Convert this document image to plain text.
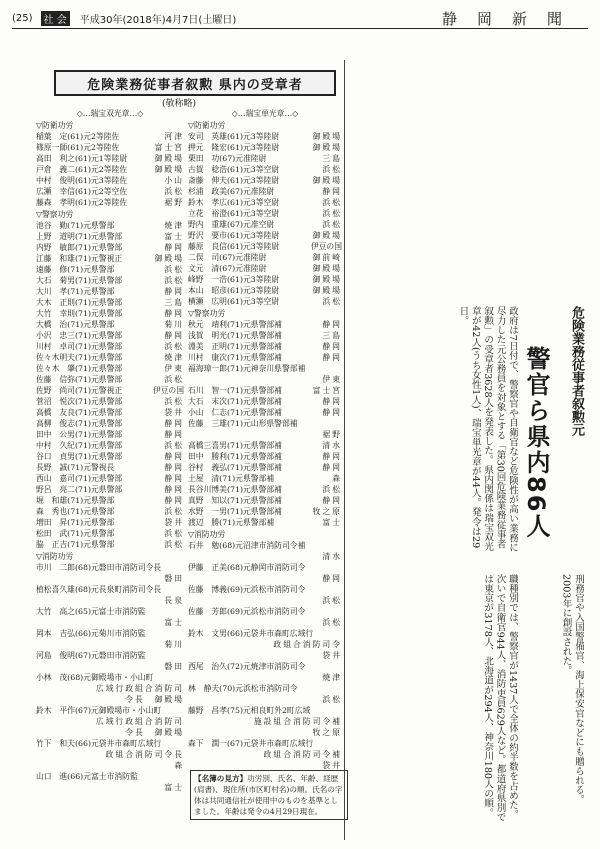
(25)	社 会	平成30年(2018年)4月7日(土曜日)	静岡新聞
危険業務従事者叙勲 県内の受章者
(敬称略)
◇…瑞宝双光章…◇
▽防衛功労
稲葉　定(61)元2等陸佐	河津
篠原一師(61)元2等陸佐	富士宮
高田　利之(61)元1等陸尉	御殿場
戸倉　義二(61)元2等陸佐	御殿場
中村　俊明(61)元3等陸佐	小山
広瀬　幸信(61)元2等空佐	浜松
藤森　孝明(61)元2等陸佐	裾野
▽警察功労
池谷　勤(71)元県警部	焼津
上野　道明(71)元県警部	富士
内野　敏郎(71)元県警部	静岡
江藤　和雄(71)元警視正	御殿場
遠藤　修(71)元県警部	浜松
大石　菊男(71)元県警部	浜松
大川　孝(71)元県警部	静岡
大木　正則(71)元県警部	三島
大竹　幸則(71)元県警部	静岡
大橋　治(71)元県警部	菊川
小沢　忠三(71)元県警部	静岡
川村　卓司(71)元県警部	浜松
佐々木明夫(71)元県警部	焼津
佐々木　肇(71)元県警部	伊東
佐藤　信弥(71)元県警部	浜松
佐野　尚司(71)元警視正	伊豆の国
菅沼　悦次(71)元県警部	浜松
高橋　友良(71)元県警部	袋井
高柳　俊志(71)元県警部	静岡
田中　公男(71)元県警部	静岡
中村　久紀(71)元県警部	浜松
谷口　貞男(71)元県警部	静岡
長野　誠(71)元警視長	静岡
西山　嘉司(71)元県警部	静岡
野呂　亮二(71)元県警部	静岡
堀　和雄(71)元県警部	静岡
森　秀也(71)元県警部	浜松
増田　昇(71)元県警部	袋井
松田　武(71)元県警部	浜松
脇　正吉(71)元県警部	浜松
▽消防功労
市川　二郎(68)元磐田市消防司令長
磐田
植松喜久雄(68)元長泉町消防司令長
長泉
大竹　高之(65)元富士市消防監
富士
岡本　吉弘(66)元菊川市消防監
菊川
河島　俊明(67)元磐田市消防監
磐田
小林　茂(68)元御殿場市・小山町
広域行政組合消防司
令長　御殿場
鈴木　平作(67)元御殿場市・小山町
広域行政組合消防司
令長　御殿場
竹下　和夫(66)元袋井市森町広域行
政組合消防司令長
森
山口　進(66)元富士市消防監
富士
◇…瑞宝単光章…◇
▽防衛功労
安司　英雄(61)元3等陸尉	御殿場
押元　隆宏(61)元3等陸尉	御殿場
栗田　功(67)元准陸尉	三島
古賀　稔浩(61)元3等空尉	浜松
斎藤　伸夫(61)元3等陸尉	御殿場
杉浦　政美(67)元准陸尉	静岡
鈴木　孝広(61)元3等空尉	浜松
立花　裕澄(61)元3等空尉	浜松
野内　重雄(67)元准空尉	浜松
野沢　要市(61)元3等陸尉	御殿場
藤原　良信(61)元3等陸尉	伊豆の国
二俣　司(67)元准陸尉	御前崎
文元　清(67)元准陸尉	御殿場
峰野　一浩(61)元3等陸尉	御殿場
本山　昭彦(61)元3等陸尉	御殿場
横瀬　広明(61)元3等空尉	浜松
▽警察功労
秋元　靖利(71)元県警部補	静岡
浅賀　明光(71)元県警部補	三島
淵美　正明(71)元県警部補	静岡
川村　康次(71)元県警部補	静岡
福海璋一郎(71)元神奈川県警部補
伊東
石川　智一(71)元県警部補	富士宮
大石　末次(71)元県警部補	静岡
小山　仁志(71)元県警部補	静岡
佐藤　三雄(71)元山形県警部補
裾野
高橋三喜男(71)元県警部補	清水
田中　勝利(71)元県警部補	静岡
谷村　義弘(71)元県警部補	静岡
土屋　清(71)元県警部補	森
長谷川博美(71)元県警部補	浜松
真野　知以(71)元県警部補	静岡
水野　一男(71)元県警部補	牧之原
渡辺　勝(71)元県警部補	富士
▽消防功労
石井　勉(68)元沼津市消防司令補
清水
伊藤　正美(68)元静岡市消防司令
静岡
佐藤　博義(69)元浜松市消防司令
浜松
佐藤　芳郎(69)元浜松市消防司令
浜松
鈴木　文男(66)元袋井市森町広域行
政組合消防司令
袋井
西尾　治久(72)元焼津市消防司令
焼津
林　静夫(70)元浜松市消防司令
浜松
藤野　昌孝(75)元相良町外2町広域
施設組合消防司令補
牧之原
森下　潤一(67)元袋井市森町広域行
政組合消防司令補
袋井
【名簿の見方】功労別、氏名、年齢、経歴(肩書)、現住所(市区町村名)の順。氏名の字体は共同通信社が使用中のものを基準としました。年齢は発令の4月29日現在。
危険業務従事者叙勲元
警官ら県内86人
政府は7日付で、警察官や自衛官など危険性が高い業務に尽力した元公務員を対象とする「第30回危険業務従事者叙勲」の受章者3628人を発表した。県内関係は瑞宝双光章が42人(うち女性1人)、瑞宝単光章が44人。発令は29日。
職種別では、警察官が1437人で全体の約半数を占めた。次いで自衛官944人、消防吏員629人など。都道府県別では東京が3178人、北海道が294人、神奈川180人の順。	刑務官や入国警備官、海上保安官などにも贈られる。2003年に創設された。
